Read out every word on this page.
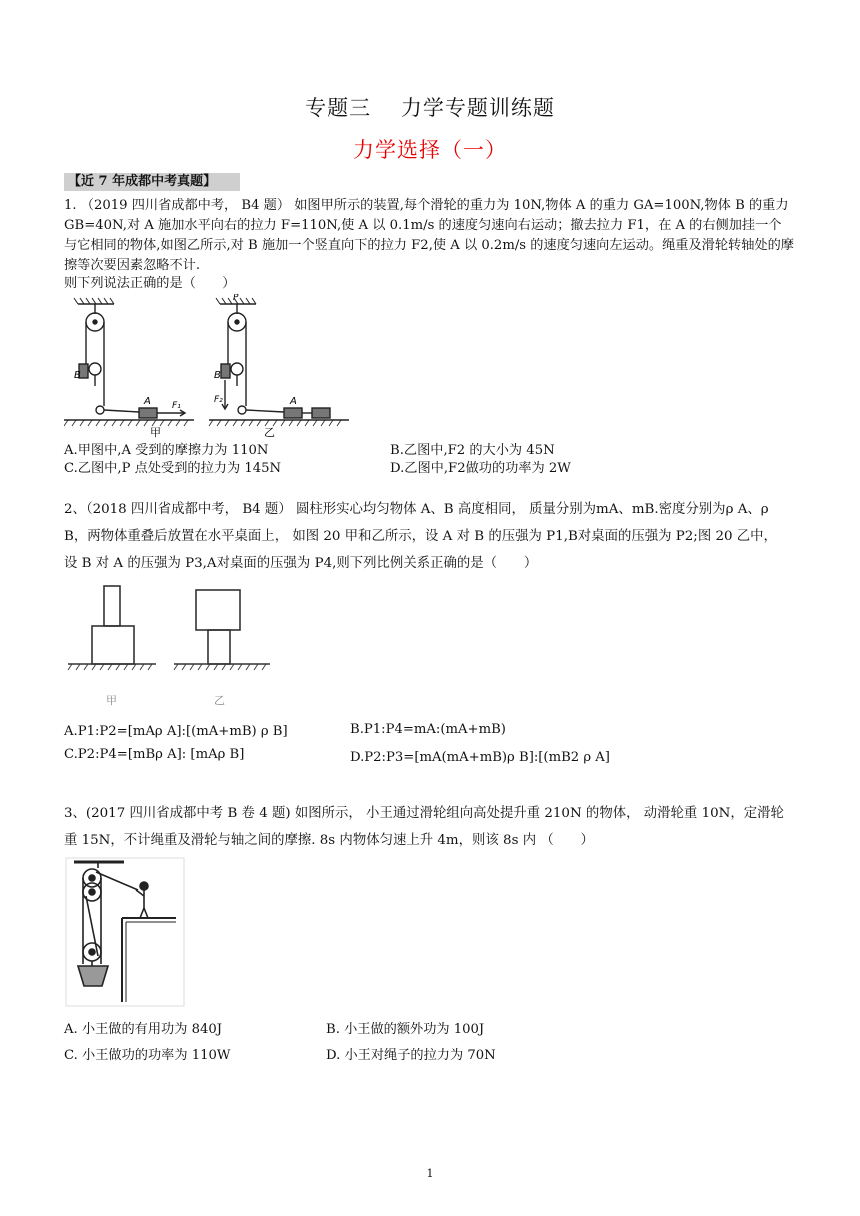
专题三　 力学专题训练题
力学选择（一）
【近 7 年成都中考真题】
1. （2019 四川省成都中考， B4 题） 如图甲所示的装置,每个滑轮的重力为 10N,物体 A 的重力 GA=100N,物体 B 的重力 GB=40N,对 A 施加水平向右的拉力 F=110N,使 A 以 0.1m/s 的速度匀速向右运动；撤去拉力 F1，在 A 的右侧加挂一个与它相同的物体,如图乙所示,对 B 施加一个竖直向下的拉力 F2,使 A 以 0.2m/s 的速度匀速向左运动。绳重及滑轮转轴处的摩擦等次要因素忽略不计.
则下列说法正确的是（　　）
B
A F₁
甲
P
B
F₂	A
乙
A.甲图中,A 受到的摩擦力为 110N	B.乙图中,F2 的大小为 45N
C.乙图中,P 点处受到的拉力为 145N	D.乙图中,F2做功的功率为 2W
2、（2018 四川省成都中考， B4 题） 圆柱形实心均匀物体 A、B 高度相同， 质量分别为mA、mB.密度分别为ρ A、ρ B，两物体重叠后放置在水平桌面上， 如图 20 甲和乙所示，设 A 对 B 的压强为 P1,B对桌面的压强为 P2;图 20 乙中， 设 B 对 A 的压强为 P3,A对桌面的压强为 P4,则下列比例关系正确的是（　　）
甲	乙
A.P1:P2=[mAρ A]:[(mA+mB) ρ B]	B.P1:P4=mA:(mA+mB)
C.P2:P4=[mBρ A]: [mAρ B]	D.P2:P3=[mA(mA+mB)ρ B]:[(mB2 ρ A]
3、(2017 四川省成都中考 B 卷 4 题) 如图所示， 小王通过滑轮组向高处提升重 210N 的物体， 动滑轮重 10N，定滑轮重 15N，不计绳重及滑轮与轴之间的摩擦. 8s 内物体匀速上升 4m，则该 8s 内 （　　）
A. 小王做的有用功为 840J	B. 小王做的额外功为 100J
C. 小王做功的功率为 110W	D. 小王对绳子的拉力为 70N
1
